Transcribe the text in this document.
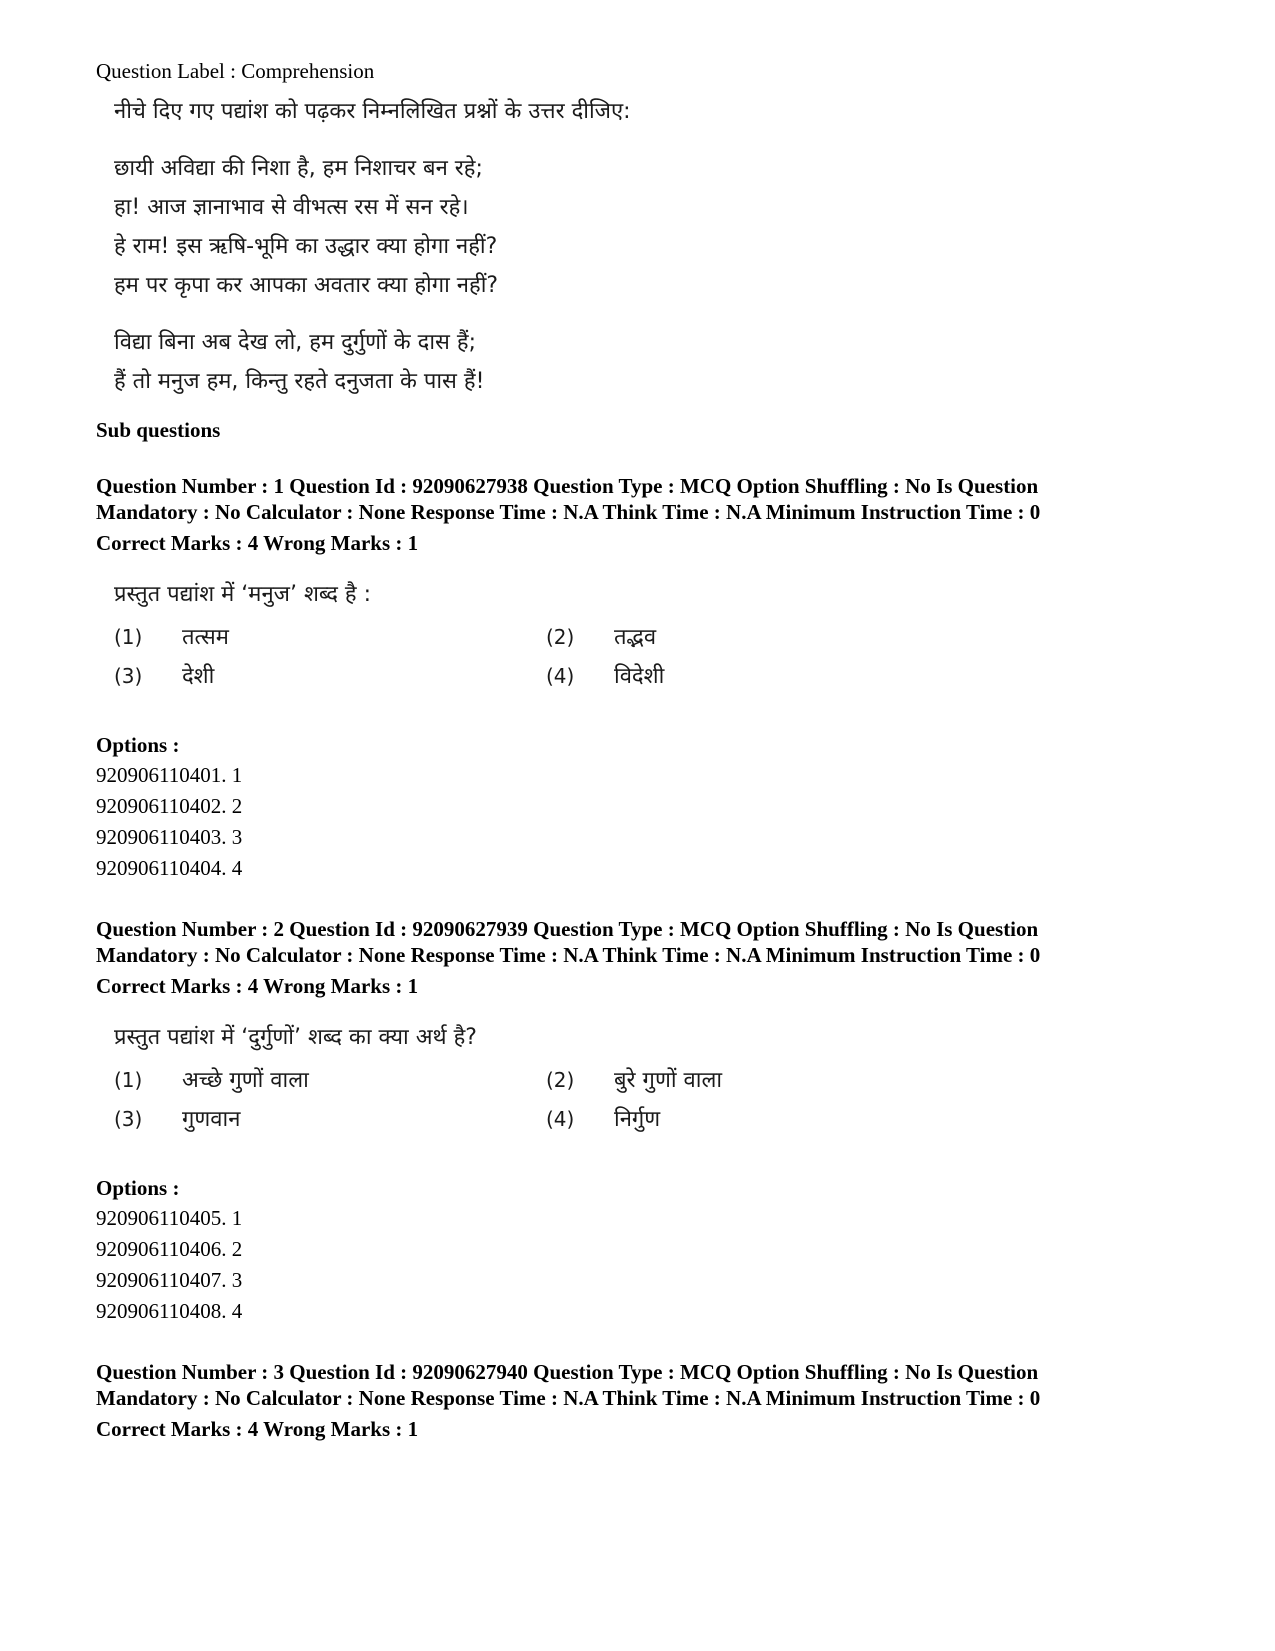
Question Label : Comprehension

नीचे दिए गए पद्यांश को पढ़कर निम्नलिखित प्रश्नों के उत्तर दीजिए:
छायी अविद्या की निशा है, हम निशाचर बन रहे;
हा! आज ज्ञानाभाव से वीभत्स रस में सन रहे।
हे राम! इस ऋषि-भूमि का उद्धार क्या होगा नहीं?
हम पर कृपा कर आपका अवतार क्या होगा नहीं?
विद्या बिना अब देख लो, हम दुर्गुणों के दास हैं;
हैं तो मनुज हम, किन्तु रहते दनुजता के पास हैं!

Sub questions

Question Number : 1 Question Id : 92090627938 Question Type : MCQ Option Shuffling : No Is Question

Mandatory : No Calculator : None Response Time : N.A Think Time : N.A Minimum Instruction Time : 0

Correct Marks : 4 Wrong Marks : 1

प्रस्तुत पद्यांश में ‘मनुज’ शब्द है :
(1)	तत्सम	(2)	तद्भव
(3)	देशी	(4)	विदेशी

Options :

920906110401. 1
920906110402. 2
920906110403. 3
920906110404. 4

Question Number : 2 Question Id : 92090627939 Question Type : MCQ Option Shuffling : No Is Question

Mandatory : No Calculator : None Response Time : N.A Think Time : N.A Minimum Instruction Time : 0

Correct Marks : 4 Wrong Marks : 1

प्रस्तुत पद्यांश में ‘दुर्गुणों’ शब्द का क्या अर्थ है?
(1)	अच्छे गुणों वाला	(2)	बुरे गुणों वाला
(3)	गुणवान	(4)	निर्गुण

Options :

920906110405. 1
920906110406. 2
920906110407. 3
920906110408. 4

Question Number : 3 Question Id : 92090627940 Question Type : MCQ Option Shuffling : No Is Question

Mandatory : No Calculator : None Response Time : N.A Think Time : N.A Minimum Instruction Time : 0

Correct Marks : 4 Wrong Marks : 1
